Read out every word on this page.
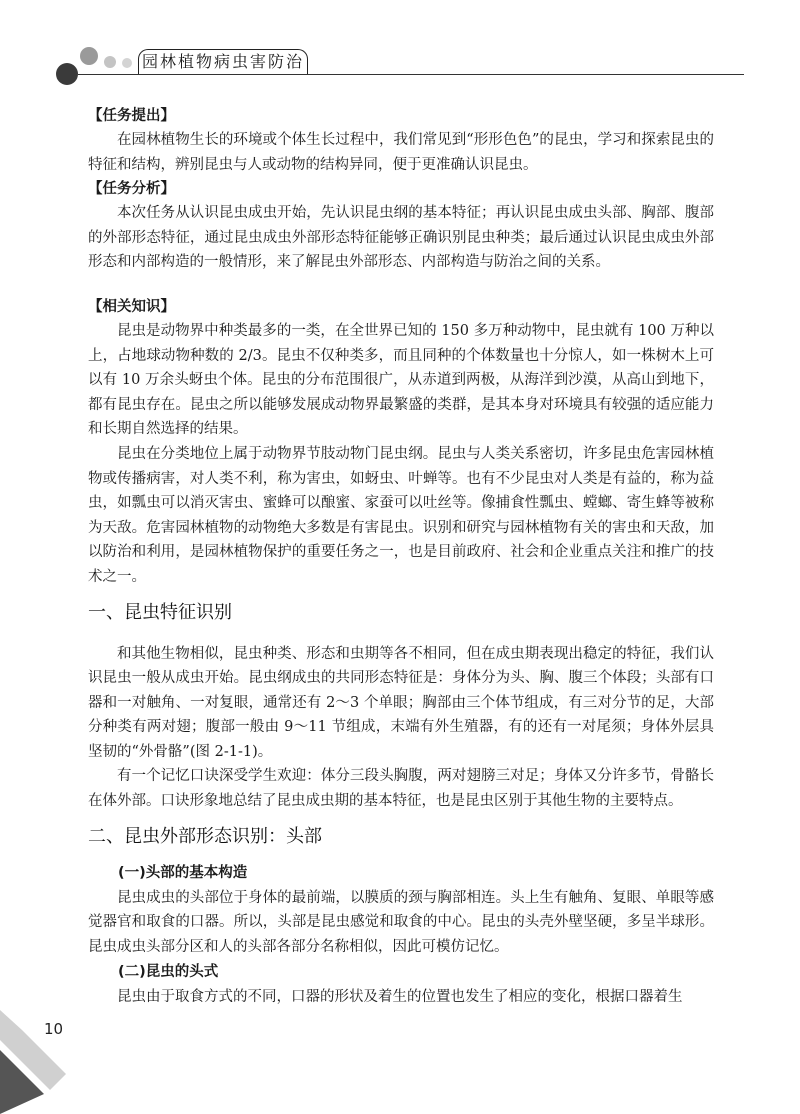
园林植物病虫害防治

【任务提出】

在园林植物生长的环境或个体生长过程中，我们常见到“形形色色”的昆虫，学习和探索昆虫的特征和结构，辨别昆虫与人或动物的结构异同，便于更准确认识昆虫。

【任务分析】

本次任务从认识昆虫成虫开始，先认识昆虫纲的基本特征；再认识昆虫成虫头部、胸部、腹部的外部形态特征，通过昆虫成虫外部形态特征能够正确识别昆虫种类；最后通过认识昆虫成虫外部形态和内部构造的一般情形，来了解昆虫外部形态、内部构造与防治之间的关系。

【相关知识】

昆虫是动物界中种类最多的一类，在全世界已知的 150 多万种动物中，昆虫就有 100 万种以上，占地球动物种数的 2/3。昆虫不仅种类多，而且同种的个体数量也十分惊人，如一株树木上可以有 10 万余头蚜虫个体。昆虫的分布范围很广，从赤道到两极，从海洋到沙漠，从高山到地下，都有昆虫存在。昆虫之所以能够发展成动物界最繁盛的类群，是其本身对环境具有较强的适应能力和长期自然选择的结果。

昆虫在分类地位上属于动物界节肢动物门昆虫纲。昆虫与人类关系密切，许多昆虫危害园林植物或传播病害，对人类不利，称为害虫，如蚜虫、叶蝉等。也有不少昆虫对人类是有益的，称为益虫，如瓢虫可以消灭害虫、蜜蜂可以酿蜜、家蚕可以吐丝等。像捕食性瓢虫、螳螂、寄生蜂等被称为天敌。危害园林植物的动物绝大多数是有害昆虫。识别和研究与园林植物有关的害虫和天敌，加以防治和利用，是园林植物保护的重要任务之一，也是目前政府、社会和企业重点关注和推广的技术之一。

一、昆虫特征识别

和其他生物相似，昆虫种类、形态和虫期等各不相同，但在成虫期表现出稳定的特征，我们认识昆虫一般从成虫开始。昆虫纲成虫的共同形态特征是：身体分为头、胸、腹三个体段；头部有口器和一对触角、一对复眼，通常还有 2～3 个单眼；胸部由三个体节组成，有三对分节的足，大部分种类有两对翅；腹部一般由 9～11 节组成，末端有外生殖器，有的还有一对尾须；身体外层具坚韧的“外骨骼”(图 2-1-1)。

有一个记忆口诀深受学生欢迎：体分三段头胸腹，两对翅膀三对足；身体又分许多节，骨骼长在体外部。口诀形象地总结了昆虫成虫期的基本特征，也是昆虫区别于其他生物的主要特点。

二、昆虫外部形态识别：头部
(一)头部的基本构造

昆虫成虫的头部位于身体的最前端，以膜质的颈与胸部相连。头上生有触角、复眼、单眼等感觉器官和取食的口器。所以，头部是昆虫感觉和取食的中心。昆虫的头壳外壁坚硬，多呈半球形。昆虫成虫头部分区和人的头部各部分名称相似，因此可模仿记忆。

(二)昆虫的头式

昆虫由于取食方式的不同，口器的形状及着生的位置也发生了相应的变化，根据口器着生

10
